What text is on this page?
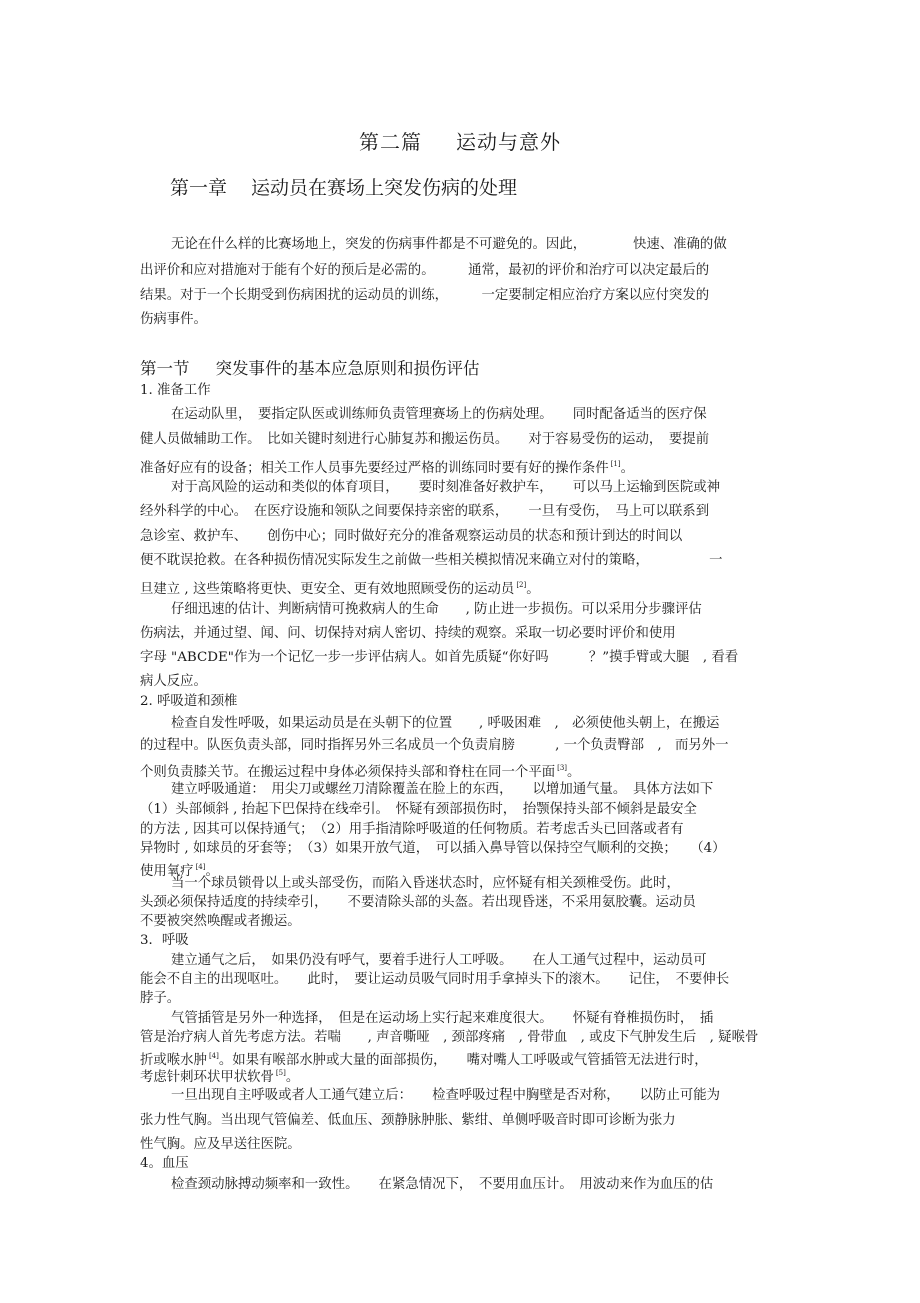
第二篇 运动与意外
第一章 运动员在赛场上突发伤病的处理
无论在什么样的比赛场地上，突发的伤病事件都是不可避免的。因此，　　　　快速、准确的做
出评价和应对措施对于能有个好的预后是必需的。　　　通常，最初的评价和治疗可以决定最后的
结果。对于一个长期受到伤病困扰的运动员的训练，　　　一定要制定相应治疗方案以应付突发的
伤病事件。
第一节 突发事件的基本应急原则和损伤评估
1. 准备工作
在运动队里，　要指定队医或训练师负责管理赛场上的伤病处理。　　同时配备适当的医疗保
健人员做辅助工作。　比如关键时刻进行心肺复苏和搬运伤员。　　对于容易受伤的运动，　要提前
准备好应有的设备；相关工作人员事先要经过严格的训练同时要有好的操作条件 [1]。
对于高风险的运动和类似的体育项目，　　要时刻准备好救护车，　　可以马上运输到医院或神
经外科学的中心。　在医疗设施和领队之间要保持亲密的联系，　　一旦有受伤，　马上可以联系到
急诊室、救护车、　　创伤中心；同时做好充分的准备观察运动员的状态和预计到达的时间以
便不耽误抢救。在各种损伤情况实际发生之前做一些相关模拟情况来确立对付的策略，　　　　　一
旦建立 , 这些策略将更快、更安全、更有效地照顾受伤的运动员 [2]。
仔细迅速的估计、判断病情可挽救病人的生命　　, 防止进一步损伤。可以采用分步骤评估
伤病法，并通过望、闻、问、切保持对病人密切、持续的观察。采取一切必要时评价和使用
字母 "ABCDE"作为一个记忆一步一步评估病人。如首先质疑“你好吗　　　？”摸手臂或大腿　, 看看
病人反应。
2. 呼吸道和颈椎
检查自发性呼吸，如果运动员是在头朝下的位置　　, 呼吸困难　,　必须使他头朝上，在搬运
的过程中。队医负责头部，同时指挥另外三名成员一个负责肩膀　　　, 一个负责臀部　,　而另外一
个则负责膝关节。在搬运过程中身体必须保持头部和脊柱在同一个平面 [3]。
建立呼吸通道：　用尖刀或螺丝刀清除覆盖在脸上的东西，　　以增加通气量。　具体方法如下
（1）头部倾斜 , 抬起下巴保持在线牵引。　怀疑有颈部损伤时，　抬颚保持头部不倾斜是最安全
的方法 , 因其可以保持通气；　（2）用手指清除呼吸道的任何物质。若考虑舌头已回落或者有
异物时 , 如球员的牙套等；　（3）如果开放气道，　可以插入鼻导管以保持空气顺利的交换；　　（4）
使用氧疗 [4]。
当一个球员锁骨以上或头部受伤，而陷入昏迷状态时，应怀疑有相关颈椎受伤。此时，
头颈必须保持适度的持续牵引，　　不要清除头部的头盔。若出现昏迷，不采用氨胶囊。运动员
不要被突然唤醒或者搬运。
3．呼吸
建立通气之后，　如果仍没有呼气，要着手进行人工呼吸。　　在人工通气过程中，运动员可
能会不自主的出现呕吐。　　此时，　要让运动员吸气同时用手拿掉头下的滚木。　　记住，　不要伸长
脖子。
气管插管是另外一种选择，　但是在运动场上实行起来难度很大。　　怀疑有脊椎损伤时，　插
管是治疗病人首先考虑方法。若喘　　, 声音嘶哑　, 颈部疼痛　, 骨带血　, 或皮下气肿发生后　, 疑喉骨
折或喉水肿 [4]。如果有喉部水肿或大量的面部损伤，　　嘴对嘴人工呼吸或气管插管无法进行时，
考虑针刺环状甲状软骨 [5]。
一旦出现自主呼吸或者人工通气建立后：　　检查呼吸过程中胸壁是否对称，　　以防止可能为
张力性气胸。当出现气管偏差、低血压、颈静脉肿胀、紫绀、单侧呼吸音时即可诊断为张力
性气胸。应及早送往医院。
4。血压
检查颈动脉搏动频率和一致性。　　在紧急情况下，　不要用血压计。　用波动来作为血压的估
